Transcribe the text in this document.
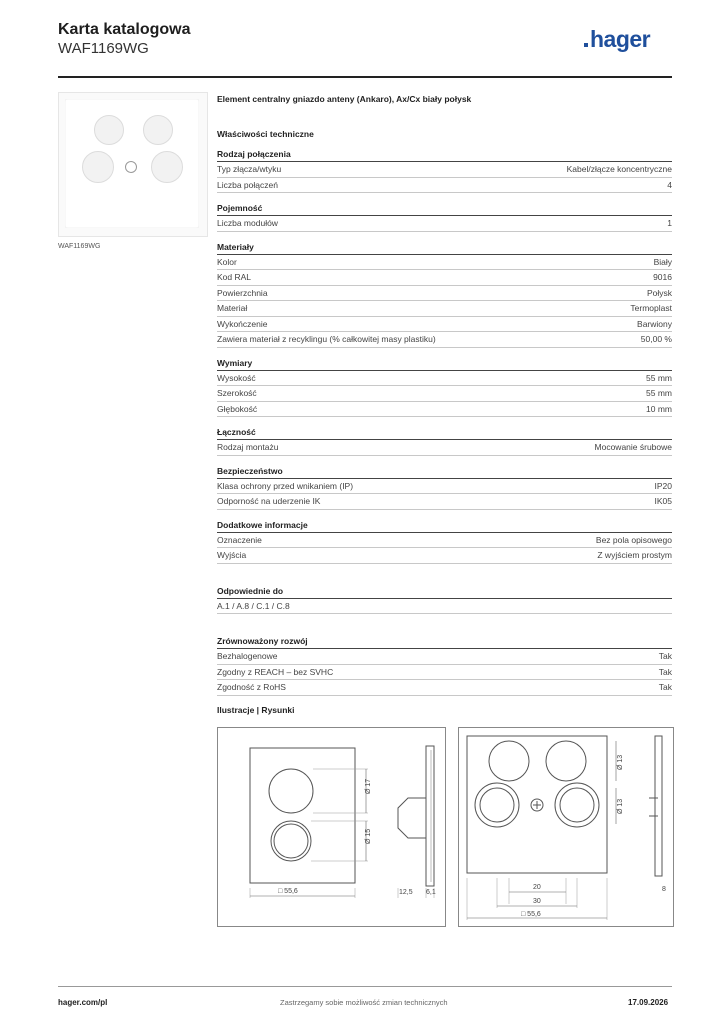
Karta katalogowa
WAF1169WG	hager
WAF1169WG
Element centralny gniazdo anteny (Ankaro), Ax/Cx biały połysk
Właściwości techniczne
Rodzaj połączenia
Typ złącza/wtyku	Kabel/złącze koncentryczne
Liczba połączeń	4
Pojemność
Liczba modułów	1
Materiały
Kolor	Biały
Kod RAL	9016
Powierzchnia	Połysk
Materiał	Termoplast
Wykończenie	Barwiony
Zawiera materiał z recyklingu (% całkowitej masy plastiku)	50,00 %
Wymiary
Wysokość	55 mm
Szerokość	55 mm
Głębokość	10 mm
Łączność
Rodzaj montażu	Mocowanie śrubowe
Bezpieczeństwo
Klasa ochrony przed wnikaniem (IP)	IP20
Odporność na uderzenie IK	IK05
Dodatkowe informacje
Oznaczenie	Bez pola opisowego
Wyjścia	Z wyjściem prostym
Odpowiednie do
A.1 / A.8 / C.1 / C.8
Zrównoważony rozwój
Bezhalogenowe	Tak
Zgodny z REACH – bez SVHC	Tak
Zgodność z RoHS	Tak
Ilustracje | Rysunki
Ø 17
Ø 15
□ 55,6	12,5 6,1
Ø 13
Ø 13
8
20
30
□ 55,6
hager.com/pl	Zastrzegamy sobie możliwość zmian technicznych	17.09.2026
